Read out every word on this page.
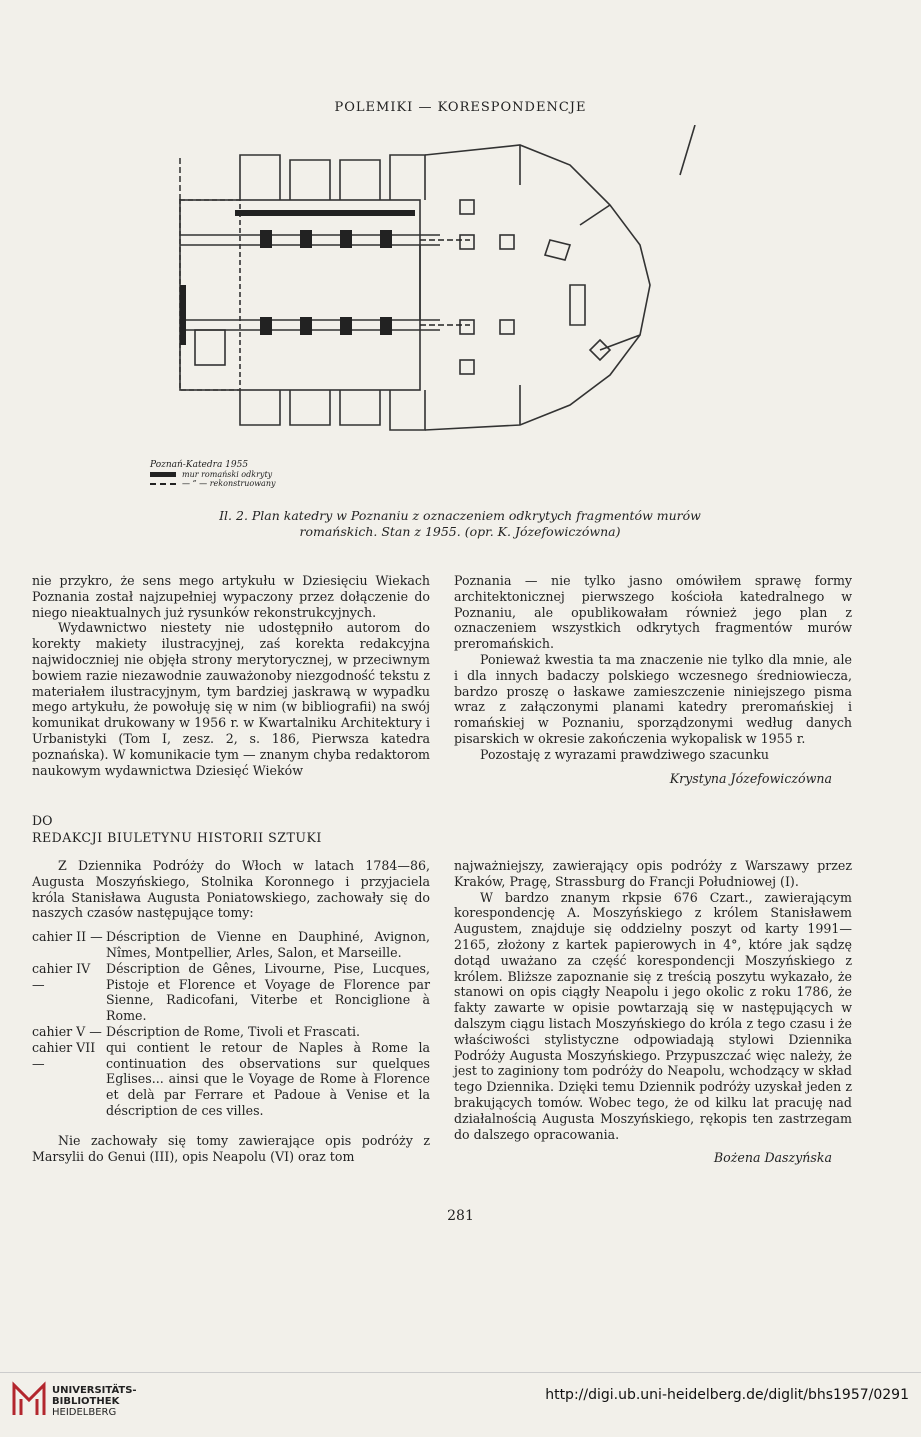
POLEMIKI — KORESPONDENCJE
Poznań-Katedra 1955
mur romański odkryty
— ” — rekonstruowany
Il. 2. Plan katedry w Poznaniu z oznaczeniem odkrytych fragmentów murów
romańskich. Stan z 1955. (opr. K. Józefowiczówna)

nie przykro, że sens mego artykułu w Dziesięciu Wiekach Poznania został najzupełniej wypaczony przez dołączenie do niego nieaktualnych już rysunków rekonstrukcyjnych.

Wydawnictwo niestety nie udostępniło autorom do korekty makiety ilustracyjnej, zaś korekta redakcyjna najwidoczniej nie objęła strony merytorycznej, w przeciwnym bowiem razie niezawodnie zauważonoby niezgodność tekstu z materiałem ilustracyjnym, tym bardziej jaskrawą w wypadku mego artykułu, że powołuję się w nim (w bibliografii) na swój komunikat drukowany w 1956 r. w Kwartalniku Architektury i Urbanistyki (Tom I, zesz. 2, s. 186, Pierwsza katedra poznańska). W komunikacie tym — znanym chyba redaktorom naukowym wydawnictwa Dziesięć Wieków

Poznania — nie tylko jasno omówiłem sprawę formy architektonicznej pierwszego kościoła katedralnego w Poznaniu, ale opublikowałam również jego plan z oznaczeniem wszystkich odkrytych fragmentów murów preromańskich.

Ponieważ kwestia ta ma znaczenie nie tylko dla mnie, ale i dla innych badaczy polskiego wczesnego średniowiecza, bardzo proszę o łaskawe zamieszczenie niniejszego pisma wraz z załączonymi planami katedry preromańskiej i romańskiej w Poznaniu, sporządzonymi według danych pisarskich w okresie zakończenia wykopalisk w 1955 r.

Pozostaję z wyrazami prawdziwego szacunku

Krystyna Józefowiczówna

DO
REDAKCJI BIULETYNU HISTORII SZTUKI

Z Dziennika Podróży do Włoch w latach 1784—86, Augusta Moszyńskiego, Stolnika Koronnego i przyjaciela króla Stanisława Augusta Poniatowskiego, zachowały się do naszych czasów następujące tomy:

cahier II — Déscription de Vienne en Dauphiné, Avignon, Nîmes, Montpellier, Arles, Salon, et Marseille.
cahier IV —
Déscription de Gênes, Livourne, Pise, Lucques, Pistoje et Florence et Voyage de Florence par Sienne, Radicofani, Viterbe et Ronciglione à Rome.
cahier V — Déscription de Rome, Tivoli et Frascati.
cahier VII —
qui contient le retour de Naples à Rome la continuation des observations sur quelques Eglises... ainsi que le Voyage de Rome à Florence et delà par Ferrare et Padoue à Venise et la déscription de ces villes.

Nie zachowały się tomy zawierające opis podróży z Marsylii do Genui (III), opis Neapolu (VI) oraz tom

najważniejszy, zawierający opis podróży z Warszawy przez Kraków, Pragę, Strassburg do Francji Południowej (I).

W bardzo znanym rkpsie 676 Czart., zawierającym korespondencję A. Moszyńskiego z królem Stanisławem Augustem, znajduje się oddzielny poszyt od karty 1991—2165, złożony z kartek papierowych in 4°, które jak sądzę dotąd uważano za część korespondencji Moszyńskiego z królem. Bliższe zapoznanie się z treścią poszytu wykazało, że stanowi on opis ciągły Neapolu i jego okolic z roku 1786, że fakty zawarte w opisie powtarzają się w następujących w dalszym ciągu listach Moszyńskiego do króla z tego czasu i że właściwości stylistyczne odpowiadają stylowi Dziennika Podróży Augusta Moszyńskiego. Przypuszczać więc należy, że jest to zaginiony tom podróży do Neapolu, wchodzący w skład tego Dziennika. Dzięki temu Dziennik podróży uzyskał jeden z brakujących tomów. Wobec tego, że od kilku lat pracuję nad działalnością Augusta Moszyńskiego, rękopis ten zastrzegam do dalszego opracowania.

Bożena Daszyńska

281
UNIVERSITÄTS-
BIBLIOTHEK
HEIDELBERG
http://digi.ub.uni-heidelberg.de/diglit/bhs1957/0291
